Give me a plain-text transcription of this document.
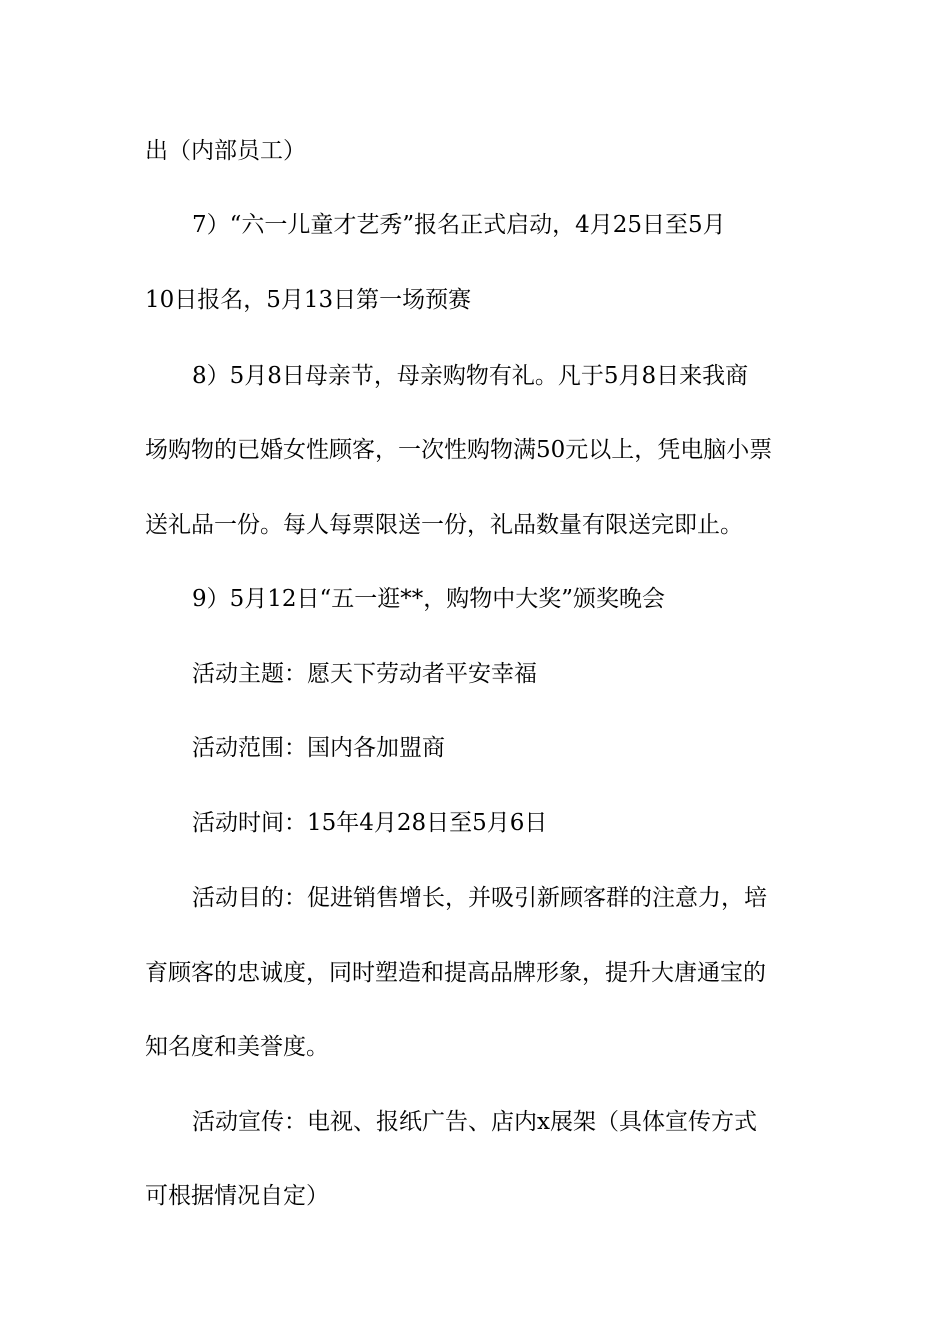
出（内部员工）

7）“六一儿童才艺秀”报名正式启动，4月25日至5月

10日报名，5月13日第一场预赛

8）5月8日母亲节，母亲购物有礼。凡于5月8日来我商

场购物的已婚女性顾客，一次性购物满50元以上，凭电脑小票

送礼品一份。每人每票限送一份，礼品数量有限送完即止。

9）5月12日“五一逛**，购物中大奖”颁奖晚会

活动主题：愿天下劳动者平安幸福

活动范围：国内各加盟商

活动时间：15年4月28日至5月6日

活动目的：促进销售增长，并吸引新顾客群的注意力，培

育顾客的忠诚度，同时塑造和提高品牌形象，提升大唐通宝的

知名度和美誉度。

活动宣传：电视、报纸广告、店内x展架（具体宣传方式

可根据情况自定）
